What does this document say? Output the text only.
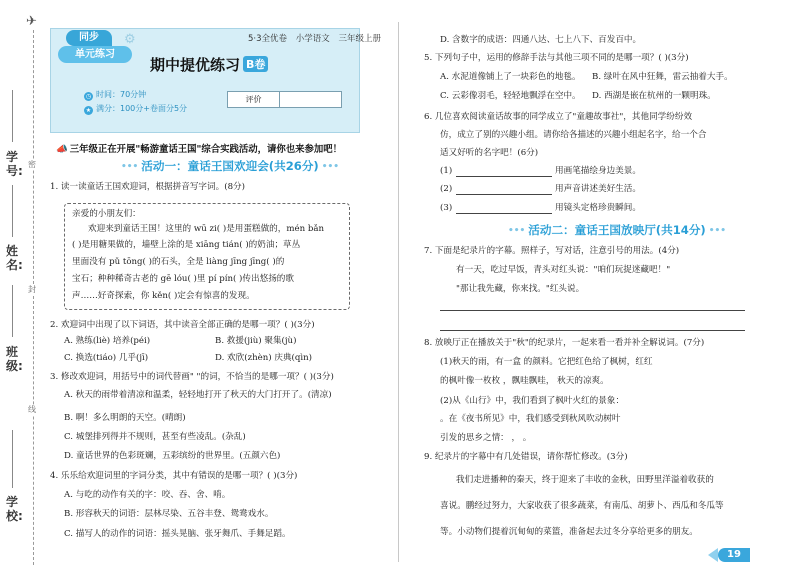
✈
学号:
姓名:
班级:
学校:
密
封
线
同步
单元练习
⚙	5·3全优卷 小学语文 三年级上册
期中提优练习 B卷
◷ 时间：70分钟
★ 满分：100分+卷面分5分
评价
📣 三年级正在开展"畅游童话王国"综合实践活动，请你也来参加吧！
••• 活动一：童话王国欢迎会(共26分) •••
1. 读一读童话王国欢迎词，根据拼音写字词。(8分)
亲爱的小朋友们：
欢迎来到童话王国！这里的 wū zi( )是用蛋糕做的，mén bǎn
( )是用糖果做的，墙壁上涂的是 xiāng tián( )的奶油；草丛
里面没有 pǔ tōng( )的石头，全是 liàng jīng jīng( )的
宝石；种种稀奇古老的 gē lóu( )里 pí pín( )传出悠扬的歌
声……好奇探索，你 kěn( )定会有惊喜的发现。
2. 欢迎词中出现了以下词语，其中读音全部正确的是哪一项？( )(3分)
A. 熟练(liè) 培养(péi)	B. 救援(jiù) 聚集(jù)
C. 换选(tiáo) 几乎(jī)	D. 欢欣(zhèn) 庆典(qìn)
3. 修改欢迎词，用括号中的词代替画" "的词，不恰当的是哪一项？( )(3分)
A. 秋天的雨带着清凉和温柔，轻轻地打开了秋天的大门打开了。(清凉)
B. 啊！多么明朗的天空。(晴朗)
C. 城堡排列得并不规则，甚至有些凌乱。(杂乱)
D. 童话世界的色彩斑斓，五彩缤纷的世界里。(五颜六色)
4. 乐乐给欢迎词里的字词分类，其中有错误的是哪一项？( )(3分)
A. 与吃的动作有关的字：咬、吞、舍、啃。
B. 形容秋天的词语：层林尽染、五谷丰登、鸳鸯戏水。
C. 描写人的动作的词语：摇头晃脑、张牙舞爪、手舞足蹈。
D. 含数字的成语：四通八达、七上八下、百发百中。
5. 下列句子中，运用的修辞手法与其他三项不同的是哪一项？( )(3分)
A. 水泥道像铺上了一块彩色的地毯。 B. 绿叶在风中狂舞，雷云抽着大手。
C. 云彩像羽毛，轻轻地飘浮在空中。 D. 西湖是嵌在杭州的一颗明珠。
6. 几位喜欢阅读童话故事的同学成立了"童趣故事社"，其他同学纷纷效
仿，成立了别的兴趣小组。请你给各描述的兴趣小组起名字，给一个合
适又好听的名字吧！(6分)
(1)	用画笔描绘身边美景。
(2)	用声音讲述美好生活。
(3)	用镜头定格珍贵瞬间。
••• 活动二：童话王国放映厅(共14分) •••
7. 下面是纪录片的字幕。照样子，写对话，注意引号的用法。(4分)
有一天，吃过早饭，青头对红头说："咱们玩捉迷藏吧！"
"那让我先藏，你来找。"红头说。
8. 放映厅正在播放关于"秋"的纪录片，一起来看一看并补全解说词。(7分)
(1)秋天的雨，有一盒 的颜料。它把红色给了枫树，红红
的枫叶像一枚枚 ，飘哇飘哇， 秋天的凉爽。
(2)从《山行》中，我们看到了枫叶火红的景象：
。在《夜书所见》中，我们感受到秋风吹动树叶
引发的思乡之情： ， 。
9. 纪录片的字幕中有几处错误，请你帮忙修改。(3分)
我们走进播种的秦天，终于迎来了丰收的金秋，田野里洋溢着收获的
喜说。鹏经过努力，大家收获了很多蔬菜，有南瓜、胡萝卜、西瓜和冬瓜等
等。小动物们提着沉甸甸的菜篮，准备起去过冬分享给更多的朋友。
19
